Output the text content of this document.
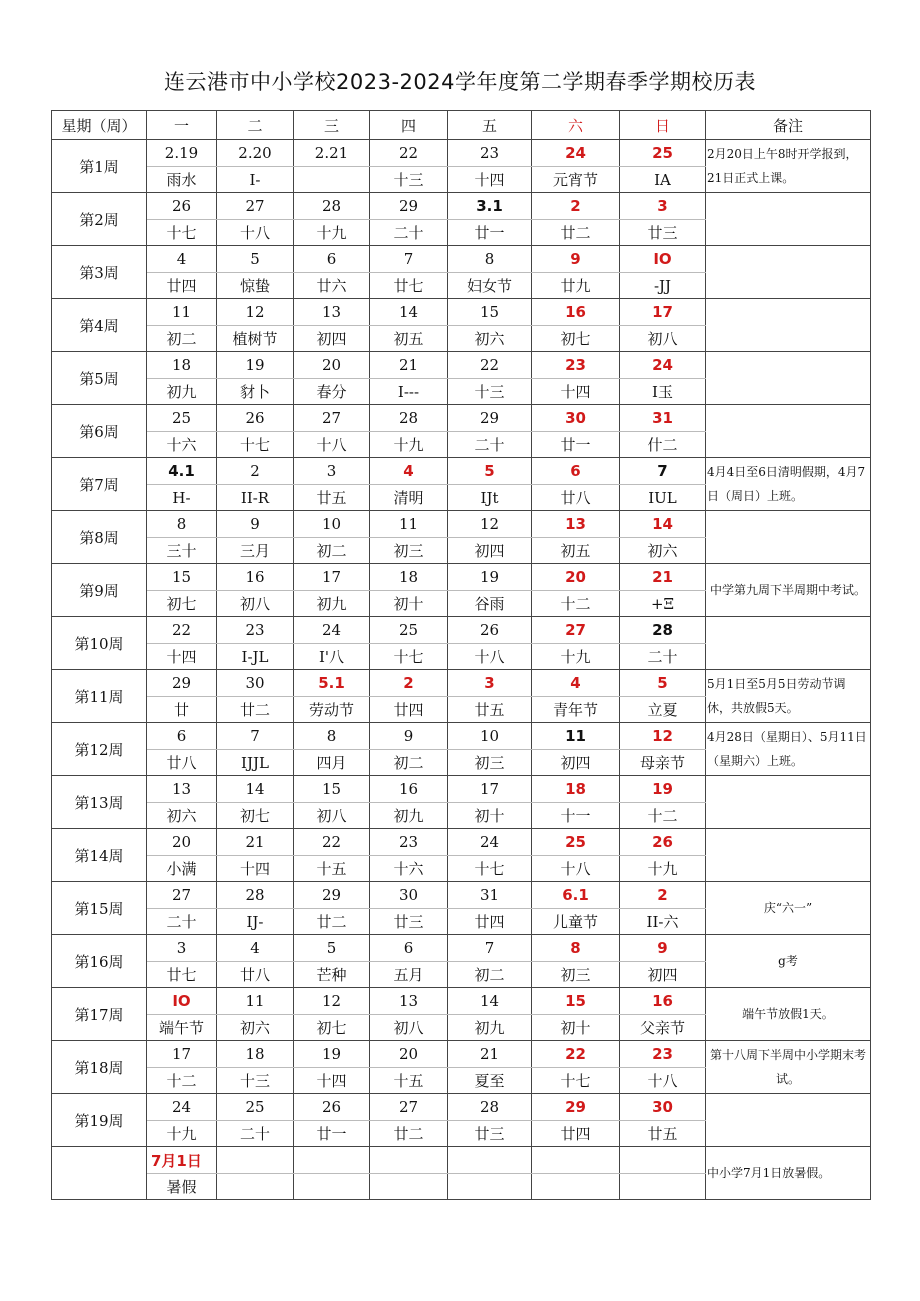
连云港市中小学校2023-2024学年度第二学期春季学期校历表
星期（周）	一	二	三	四	五	六	日	备注
第1周	2.19	2.20	2.21	22	23	24	25	2月20日上午8时开学报到，21日正式上课。
	雨水	I-		十三	十四	元宵节	IA	
第2周	26	27	28	29	3.1	2	3	
	十七	十八	十九	二十	廿一	廿二	廿三	
第3周	4	5	6	7	8	9	IO	
	廿四	惊蛰	廿六	廿七	妇女节	廿九	-JJ	
第4周	11	12	13	14	15	16	17	
	初二	植树节	初四	初五	初六	初七	初八	
第5周	18	19	20	21	22	23	24	
	初九	豺卜	春分	I---	十三	十四	I玉	
第6周	25	26	27	28	29	30	31	
	十六	十七	十八	十九	二十	廿一	什二	
第7周	4.1	2	3	4	5	6	7	4月4日至6日清明假期，4月7日（周日）上班。
	H-	II-R	廿五	清明	IJt	廿八	IUL	
第8周	8	9	10	11	12	13	14	
	三十	三月	初二	初三	初四	初五	初六	
第9周	15	16	17	18	19	20	21	中学第九周下半周期中考试。
	初七	初八	初九	初十	谷雨	十二	+Ξ	
第10周	22	23	24	25	26	27	28	
	十四	I-JL	I'八	十七	十八	十九	二十	
第11周	29	30	5.1	2	3	4	5	5月1日至5月5日劳动节调休，共放假5天。
	廿	廿二	劳动节	廿四	廿五	青年节	立夏	
第12周	6	7	8	9	10	11	12	4月28日（星期日）、5月11日（星期六）上班。
	廿八	IJJL	四月	初二	初三	初四	母亲节	
第13周	13	14	15	16	17	18	19	
	初六	初七	初八	初九	初十	十一	十二	
第14周	20	21	22	23	24	25	26	
	小满	十四	十五	十六	十七	十八	十九	
第15周	27	28	29	30	31	6.1	2	庆“六一”
	二十	IJ-	廿二	廿三	廿四	儿童节	II-六	
第16周	3	4	5	6	7	8	9	g考
	廿七	廿八	芒种	五月	初二	初三	初四	
第17周	IO	11	12	13	14	15	16	端午节放假1天。
	端午节	初六	初七	初八	初九	初十	父亲节	
第18周	17	18	19	20	21	22	23	第十八周下半周中小学期末考试。
	十二	十三	十四	十五	夏至	十七	十八	
第19周	24	25	26	27	28	29	30	
	十九	二十	廿一	廿二	廿三	廿四	廿五	
	7月1日							中小学7月1日放暑假。
	暑假							
